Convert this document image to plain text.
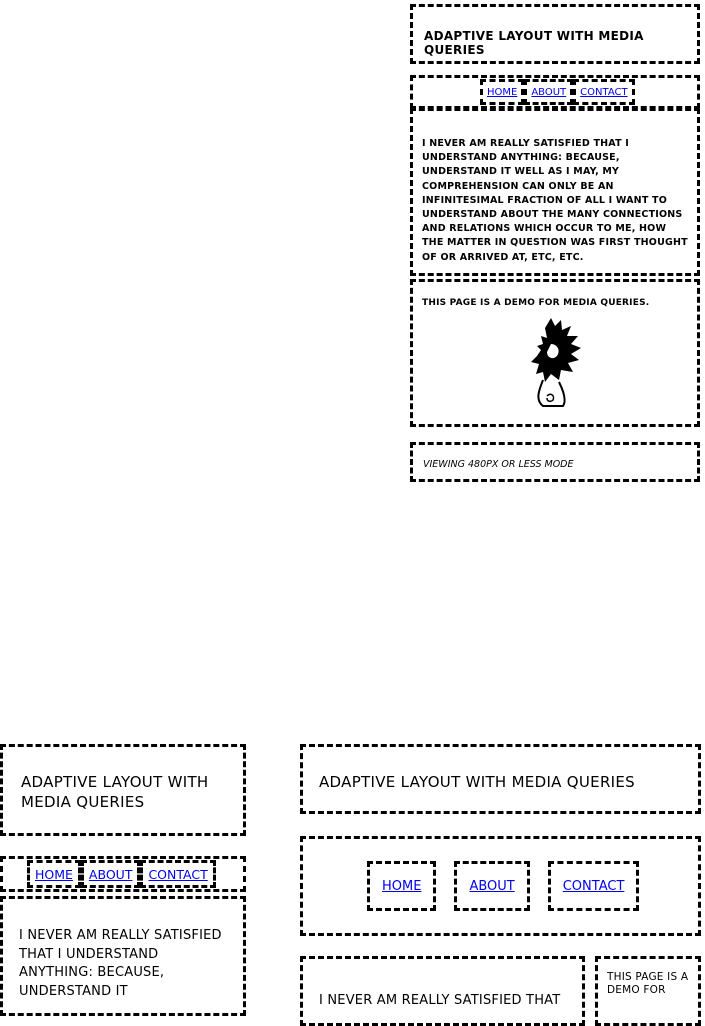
ADAPTIVE LAYOUT WITH MEDIA QUERIES
HOME	ABOUT	CONTACT
I NEVER AM REALLY SATISFIED THAT I UNDERSTAND ANYTHING: BECAUSE, UNDERSTAND IT WELL AS I MAY, MY COMPREHENSION CAN ONLY BE AN INFINITESIMAL FRACTION OF ALL I WANT TO UNDERSTAND ABOUT THE MANY CONNECTIONS AND RELATIONS WHICH OCCUR TO ME, HOW THE MATTER IN QUESTION WAS FIRST THOUGHT OF OR ARRIVED AT, ETC, ETC.
THIS PAGE IS A DEMO FOR MEDIA QUERIES.
VIEWING 480PX OR LESS MODE
ADAPTIVE LAYOUT WITH MEDIA QUERIES
HOME	ABOUT	CONTACT
I NEVER AM REALLY SATISFIED THAT I UNDERSTAND ANYTHING: BECAUSE, UNDERSTAND IT
ADAPTIVE LAYOUT WITH MEDIA QUERIES
HOME	ABOUT	CONTACT
I NEVER AM REALLY SATISFIED THAT
THIS PAGE IS A DEMO FOR
